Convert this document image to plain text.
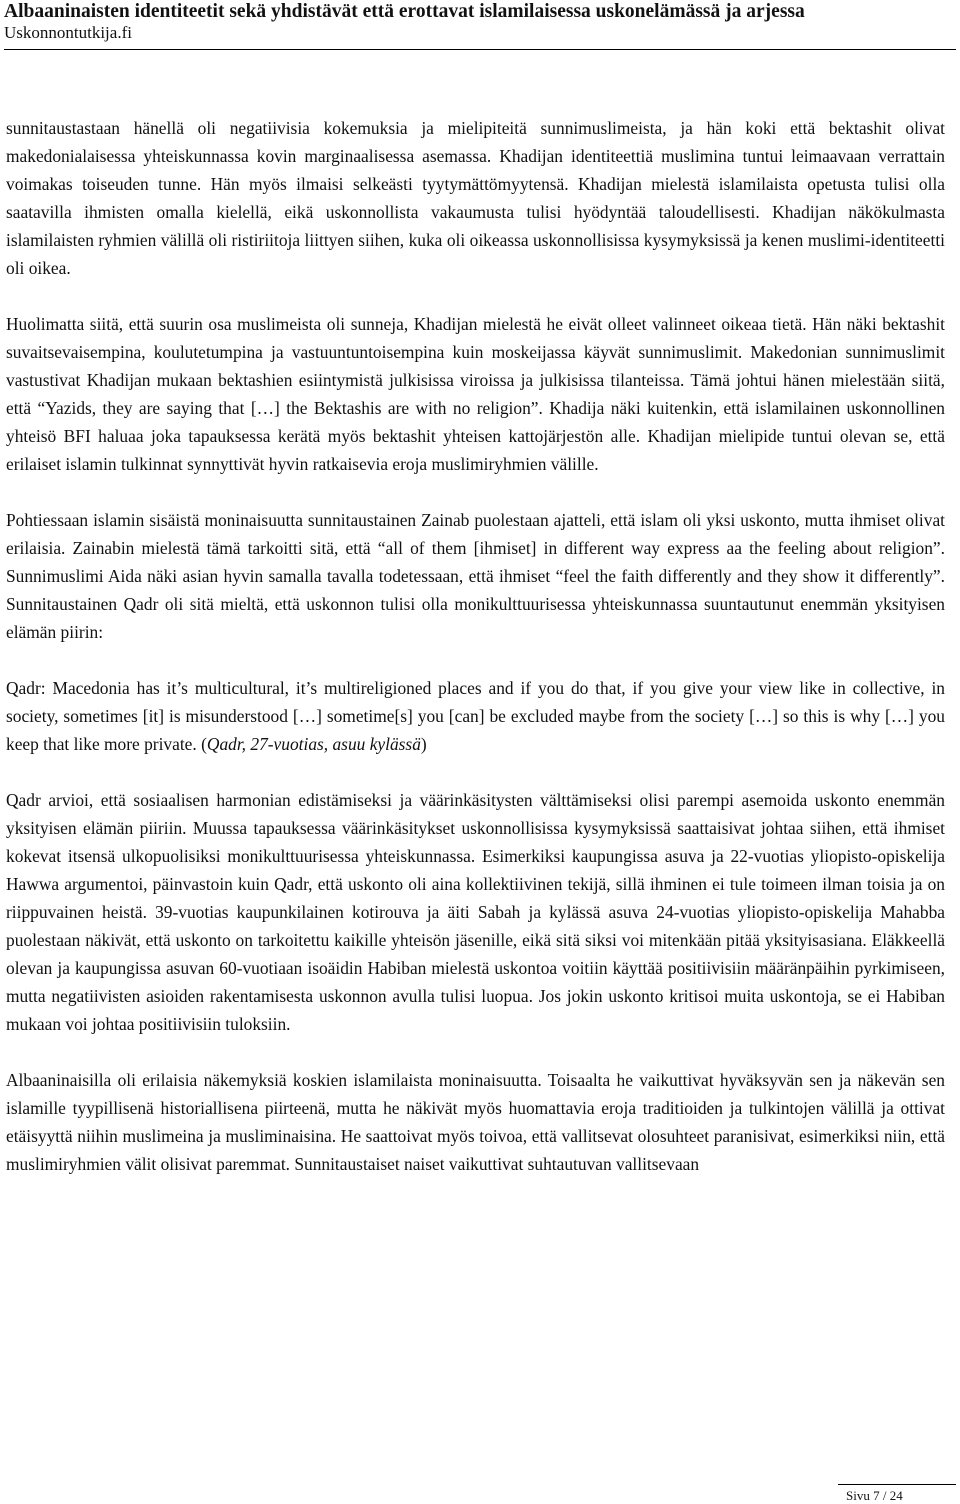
Albaaninaisten identiteetit sekä yhdistävät että erottavat islamilaisessa uskonelämässä ja arjessa
Uskonnontutkija.fi

sunnitaustastaan hänellä oli negatiivisia kokemuksia ja mielipiteitä sunnimuslimeista, ja hän koki että bektashit olivat makedonialaisessa yhteiskunnassa kovin marginaalisessa asemassa. Khadijan identiteettiä muslimina tuntui leimaavaan verrattain voimakas toiseuden tunne. Hän myös ilmaisi selkeästi tyytymättömyytensä. Khadijan mielestä islamilaista opetusta tulisi olla saatavilla ihmisten omalla kielellä, eikä uskonnollista vakaumusta tulisi hyödyntää taloudellisesti. Khadijan näkökulmasta islamilaisten ryhmien välillä oli ristiriitoja liittyen siihen, kuka oli oikeassa uskonnollisissa kysymyksissä ja kenen muslimi-identiteetti oli oikea.

Huolimatta siitä, että suurin osa muslimeista oli sunneja, Khadijan mielestä he eivät olleet valinneet oikeaa tietä. Hän näki bektashit suvaitsevaisempina, koulutetumpina ja vastuuntuntoisempina kuin moskeijassa käyvät sunnimuslimit. Makedonian sunnimuslimit vastustivat Khadijan mukaan bektashien esiintymistä julkisissa viroissa ja julkisissa tilanteissa. Tämä johtui hänen mielestään siitä, että “Yazids, they are saying that […] the Bektashis are with no religion”. Khadija näki kuitenkin, että islamilainen uskonnollinen yhteisö BFI haluaa joka tapauksessa kerätä myös bektashit yhteisen kattojärjestön alle. Khadijan mielipide tuntui olevan se, että erilaiset islamin tulkinnat synnyttivät hyvin ratkaisevia eroja muslimiryhmien välille.

Pohtiessaan islamin sisäistä moninaisuutta sunnitaustainen Zainab puolestaan ajatteli, että islam oli yksi uskonto, mutta ihmiset olivat erilaisia. Zainabin mielestä tämä tarkoitti sitä, että “all of them [ihmiset] in different way express aa the feeling about religion”. Sunnimuslimi Aida näki asian hyvin samalla tavalla todetessaan, että ihmiset “feel the faith differently and they show it differently”. Sunnitaustainen Qadr oli sitä mieltä, että uskonnon tulisi olla monikulttuurisessa yhteiskunnassa suuntautunut enemmän yksityisen elämän piirin:

Qadr: Macedonia has it’s multicultural, it’s multireligioned places and if you do that, if you give your view like in collective, in society, sometimes [it] is misunderstood […] sometime[s] you [can] be excluded maybe from the society […] so this is why […] you keep that like more private. (Qadr, 27-vuotias, asuu kylässä)

Qadr arvioi, että sosiaalisen harmonian edistämiseksi ja väärinkäsitysten välttämiseksi olisi parempi asemoida uskonto enemmän yksityisen elämän piiriin. Muussa tapauksessa väärinkäsitykset uskonnollisissa kysymyksissä saattaisivat johtaa siihen, että ihmiset kokevat itsensä ulkopuolisiksi monikulttuurisessa yhteiskunnassa. Esimerkiksi kaupungissa asuva ja 22-vuotias yliopisto-opiskelija Hawwa argumentoi, päinvastoin kuin Qadr, että uskonto oli aina kollektiivinen tekijä, sillä ihminen ei tule toimeen ilman toisia ja on riippuvainen heistä. 39-vuotias kaupunkilainen kotirouva ja äiti Sabah ja kylässä asuva 24-vuotias yliopisto-opiskelija Mahabba puolestaan näkivät, että uskonto on tarkoitettu kaikille yhteisön jäsenille, eikä sitä siksi voi mitenkään pitää yksityisasiana. Eläkkeellä olevan ja kaupungissa asuvan 60-vuotiaan isoäidin Habiban mielestä uskontoa voitiin käyttää positiivisiin määränpäihin pyrkimiseen, mutta negatiivisten asioiden rakentamisesta uskonnon avulla tulisi luopua. Jos jokin uskonto kritisoi muita uskontoja, se ei Habiban mukaan voi johtaa positiivisiin tuloksiin.

Albaaninaisilla oli erilaisia näkemyksiä koskien islamilaista moninaisuutta. Toisaalta he vaikuttivat hyväksyvän sen ja näkevän sen islamille tyypillisenä historiallisena piirteenä, mutta he näkivät myös huomattavia eroja traditioiden ja tulkintojen välillä ja ottivat etäisyyttä niihin muslimeina ja musliminaisina. He saattoivat myös toivoa, että vallitsevat olosuhteet paranisivat, esimerkiksi niin, että muslimiryhmien välit olisivat paremmat. Sunnitaustaiset naiset vaikuttivat suhtautuvan vallitsevaan

Sivu 7 / 24
